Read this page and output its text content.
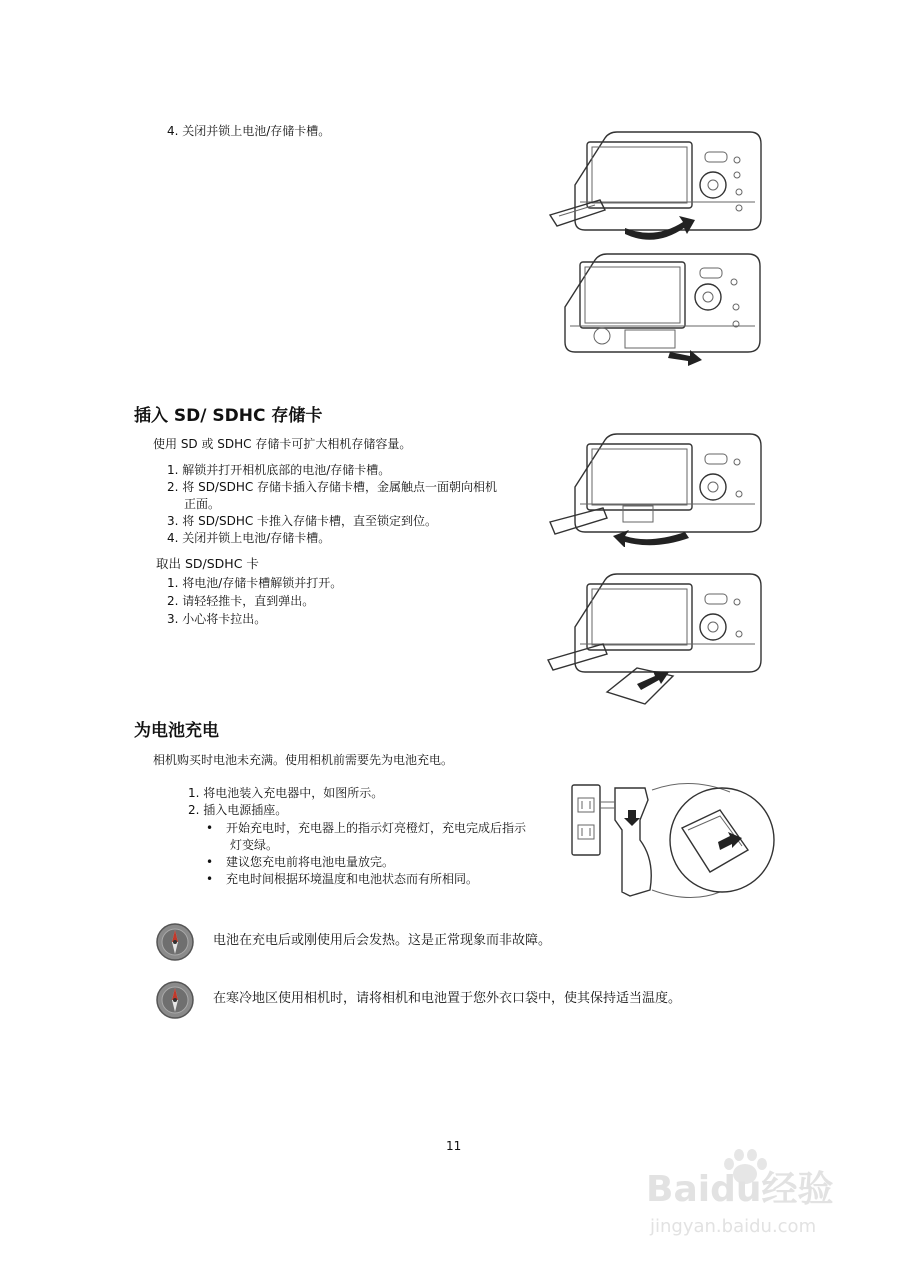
4. 关闭并锁上电池/存储卡槽。
插入 SD/ SDHC 存储卡
使用 SD 或 SDHC 存储卡可扩大相机存储容量。
1. 解锁并打开相机底部的电池/存储卡槽。
2. 将 SD/SDHC 存储卡插入存储卡槽，金属触点一面朝向相机
正面。
3. 将 SD/SDHC 卡推入存储卡槽，直至锁定到位。
4. 关闭并锁上电池/存储卡槽。
取出 SD/SDHC 卡
1. 将电池/存储卡槽解锁并打开。
2. 请轻轻推卡，直到弹出。
3. 小心将卡拉出。
为电池充电
相机购买时电池未充满。使用相机前需要先为电池充电。
1. 将电池装入充电器中，如图所示。
2. 插入电源插座。
• 开始充电时，充电器上的指示灯亮橙灯，充电完成后指示
灯变绿。
• 建议您充电前将电池电量放完。
• 充电时间根据环境温度和电池状态而有所相同。
电池在充电后或刚使用后会发热。这是正常现象而非故障。
在寒冷地区使用相机时，请将相机和电池置于您外衣口袋中，使其保持适当温度。
11
Baidu经验
jingyan.baidu.com
